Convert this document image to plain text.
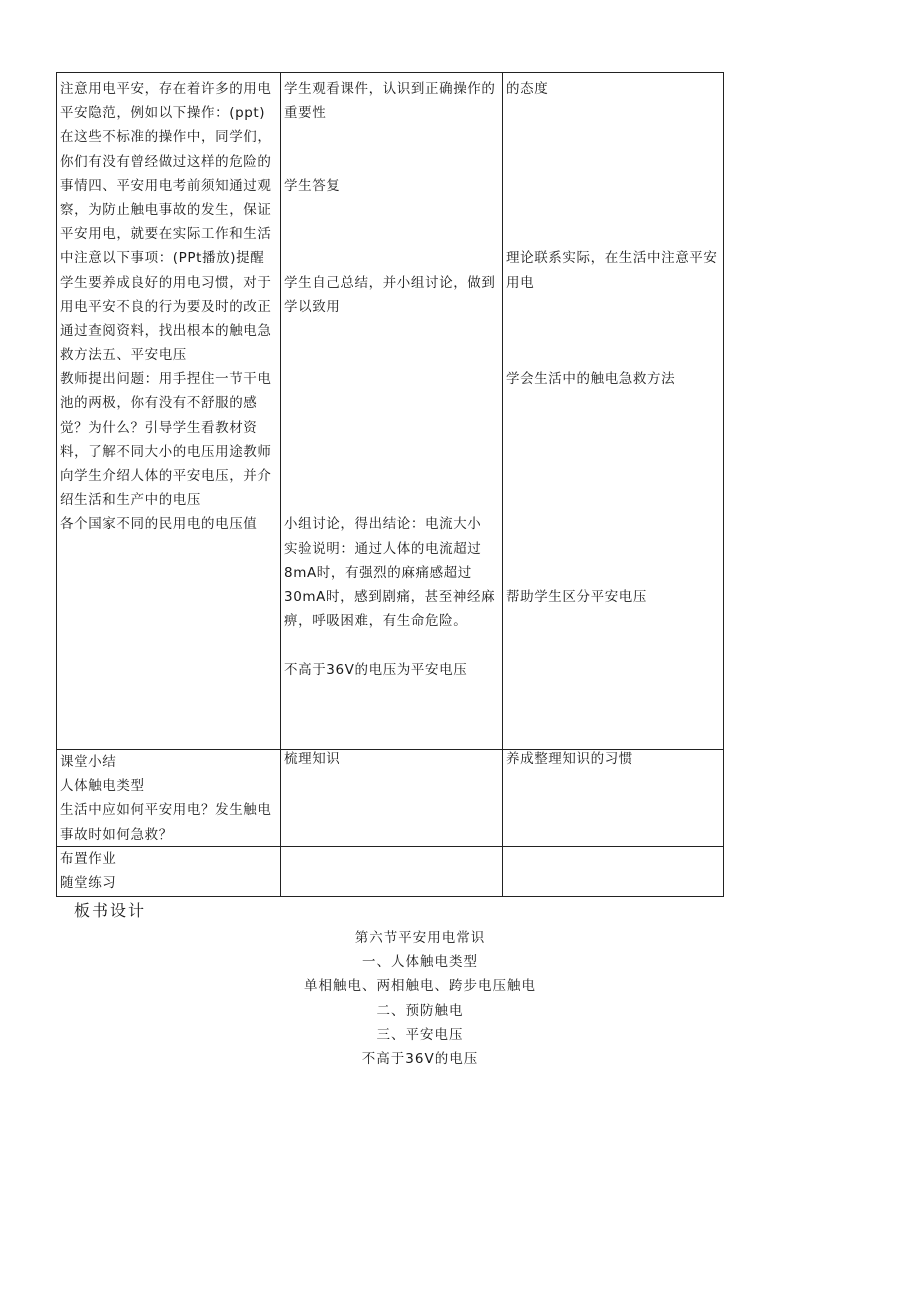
注意用电平安，存在着许多的用电
平安隐范，例如以下操作：(ppt)
在这些不标准的操作中，同学们，
你们有没有曾经做过这样的危险的
事情四、平安用电考前须知通过观
察，为防止触电事故的发生，保证
平安用电，就要在实际工作和生活
中注意以下事项：(PPt播放)提醒
学生要养成良好的用电习惯，对于
用电平安不良的行为要及时的改正
通过查阅资料，找出根本的触电急
救方法五、平安电压
教师提出问题：用手捏住一节干电
池的两极，你有没有不舒服的感
觉？为什么？引导学生看教材资
料，了解不同大小的电压用途教师
向学生介绍人体的平安电压，并介
绍生活和生产中的电压
各个国家不同的民用电的电压值
学生观看课件，认识到正确操作的
重要性
学生答复
学生自己总结，并小组讨论，做到
学以致用
小组讨论，得出结论：电流大小
实验说明：通过人体的电流超过
8mA时，有强烈的麻痛感超过
30mA时，感到剧痛，甚至神经麻
痹，呼吸困难，有生命危险。
不高于36V的电压为平安电压
的态度
理论联系实际，在生活中注意平安
用电
学会生活中的触电急救方法
帮助学生区分平安电压
课堂小结
人体触电类型
生活中应如何平安用电？发生触电
事故时如何急救？
梳理知识	养成整理知识的习惯
布置作业
随堂练习
板书设计
第六节平安用电常识
一、人体触电类型
单相触电、两相触电、跨步电压触电
二、预防触电
三、平安电压
不高于36V的电压
